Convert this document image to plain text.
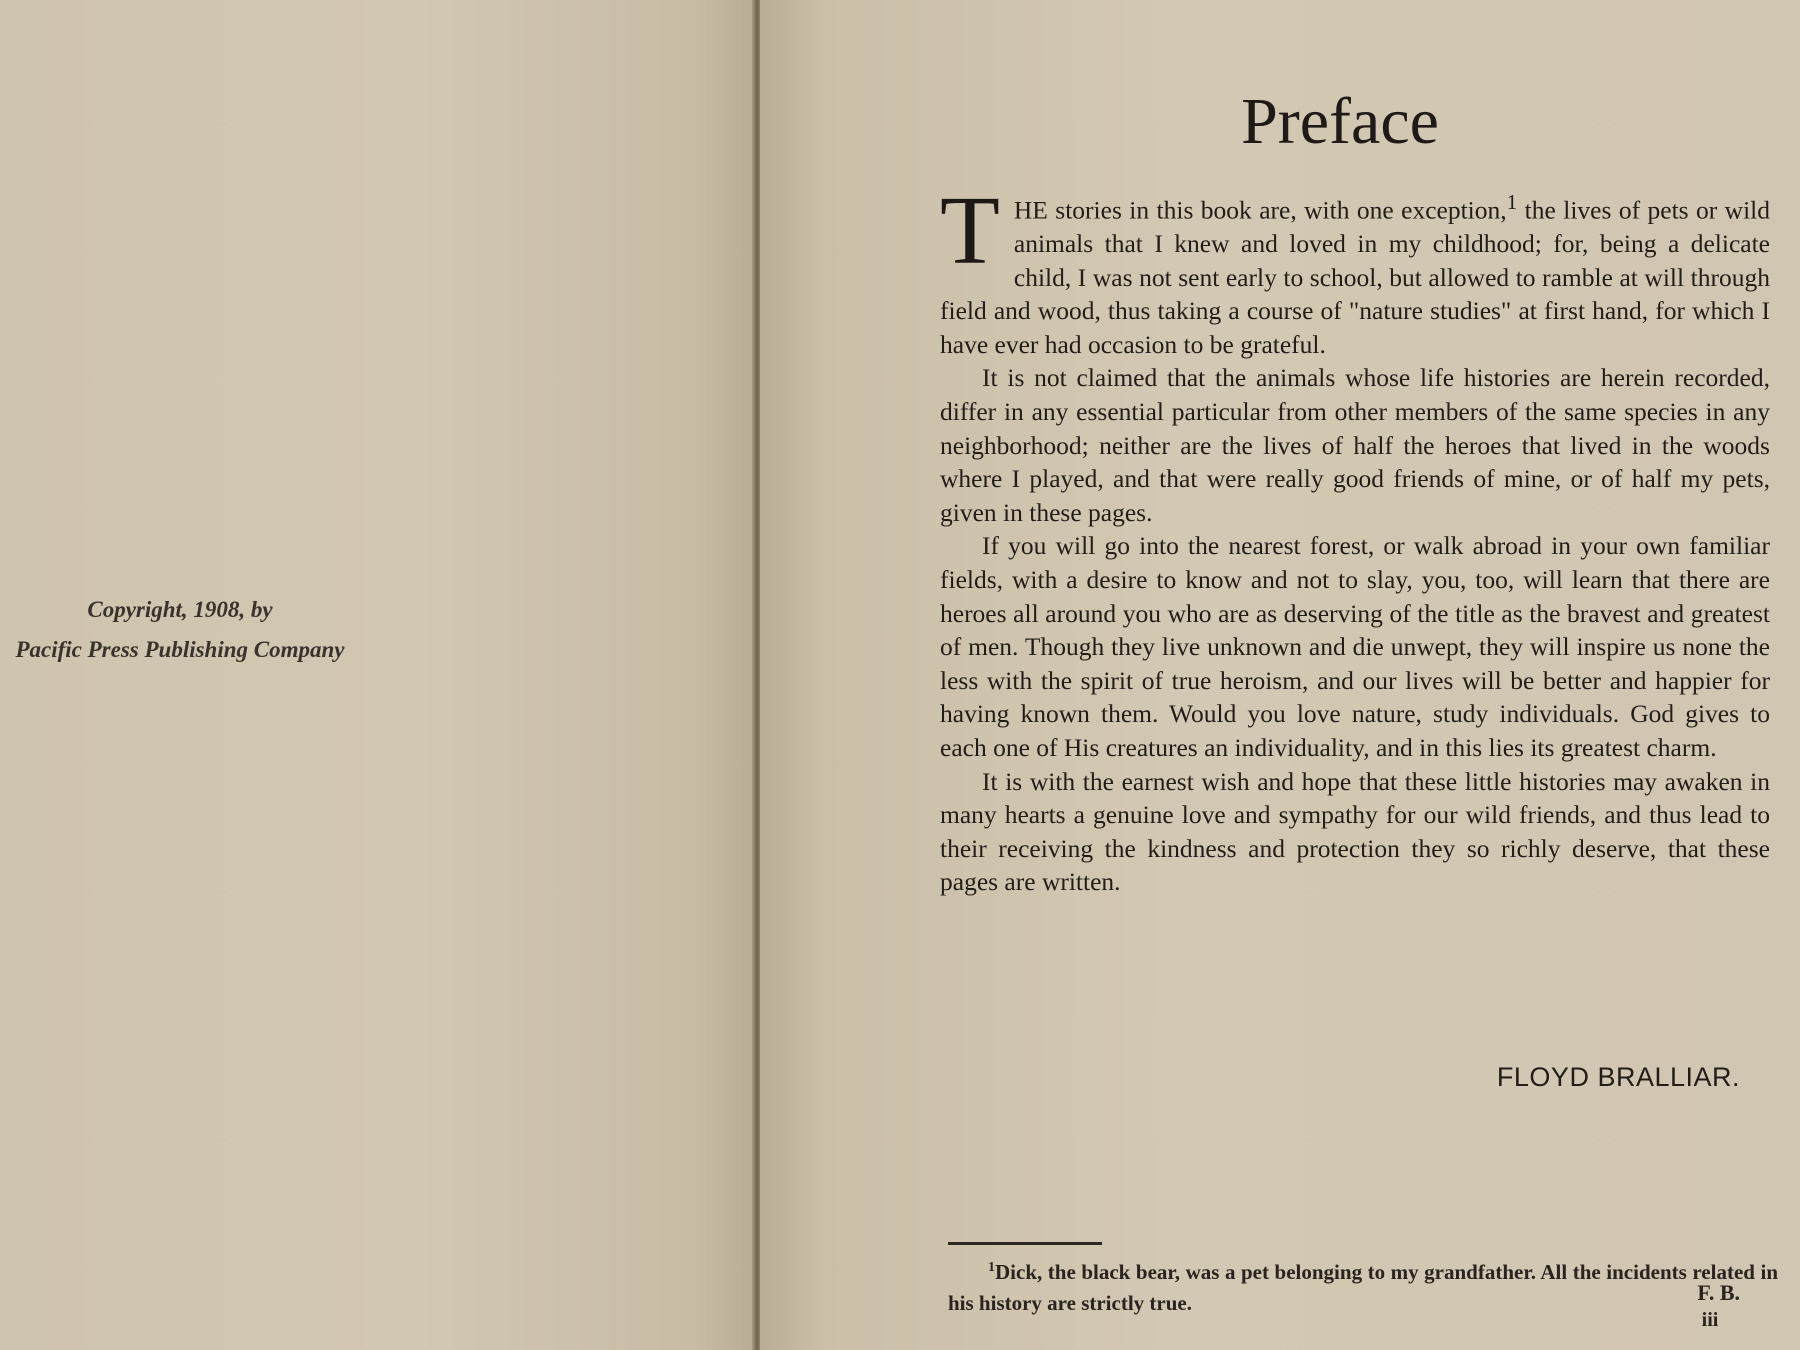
Copyright, 1908, by
Pacific Press Publishing Company
Preface

THE stories in this book are, with one exception,$^1$ the lives of pets or wild animals that I knew and loved in my childhood; for, being a delicate child, I was not sent early to school, but allowed to ramble at will through field and wood, thus taking a course of "nature studies" at first hand, for which I have ever had occasion to be grateful.

It is not claimed that the animals whose life histories are herein recorded, differ in any essential particular from other members of the same species in any neighborhood; neither are the lives of half the heroes that lived in the woods where I played, and that were really good friends of mine, or of half my pets, given in these pages.

If you will go into the nearest forest, or walk abroad in your own familiar fields, with a desire to know and not to slay, you, too, will learn that there are heroes all around you who are as deserving of the title as the bravest and greatest of men. Though they live unknown and die unwept, they will inspire us none the less with the spirit of true heroism, and our lives will be better and happier for having known them. Would you love nature, study individuals. God gives to each one of His creatures an individuality, and in this lies its greatest charm.

It is with the earnest wish and hope that these little histories may awaken in many hearts a genuine love and sympathy for our wild friends, and thus lead to their receiving the kindness and protection they so richly deserve, that these pages are written.

FLOYD BRALLIAR.

$^1$Dick, the black bear, was a pet belonging to my grandfather. All the incidents related in his history are strictly true.	F. B.
iii
